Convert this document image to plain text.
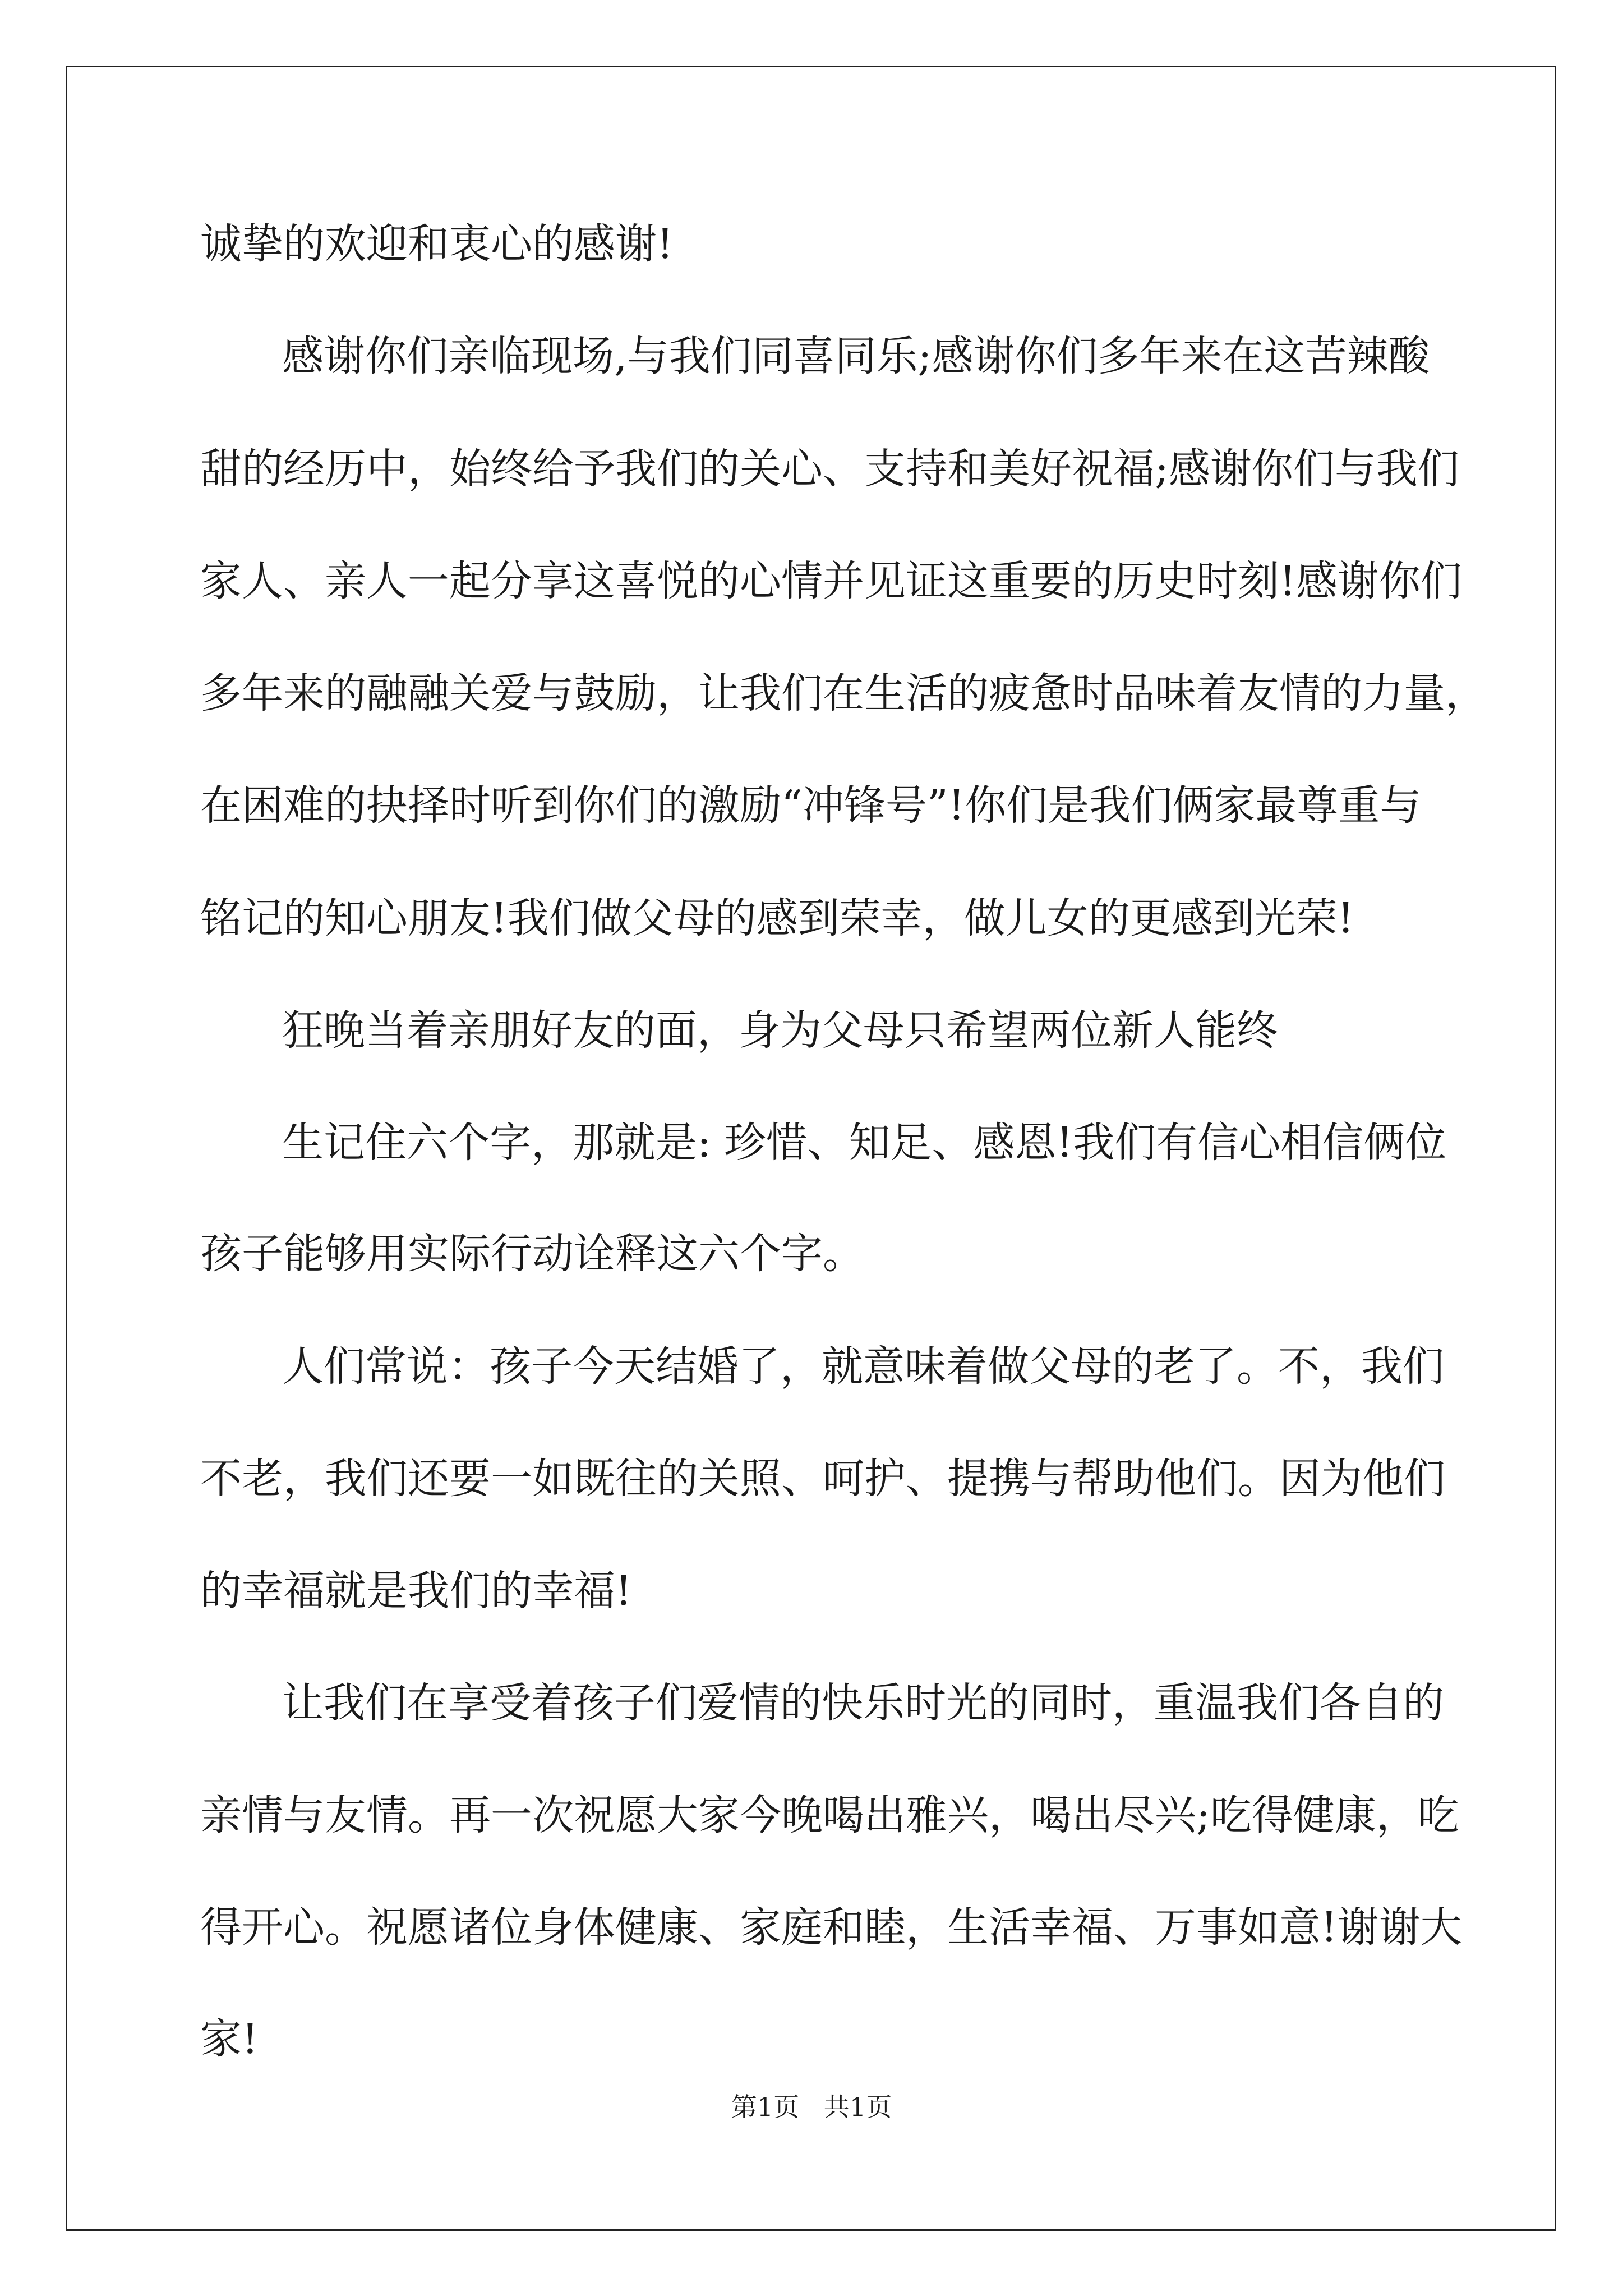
诚挚的欢迎和衷心的感谢!

感谢你们亲临现场,与我们同喜同乐;感谢你们多年来在这苦辣酸

甜的经历中，始终给予我们的关心、支持和美好祝福;感谢你们与我们

家人、亲人一起分享这喜悦的心情并见证这重要的历史时刻!感谢你们

多年来的融融关爱与鼓励，让我们在生活的疲惫时品味着友情的力量，

在困难的抉择时听到你们的激励“冲锋号”!你们是我们俩家最尊重与

铭记的知心朋友!我们做父母的感到荣幸，做儿女的更感到光荣!

狂晚当着亲朋好友的面，身为父母只希望两位新人能终

生记住六个字，那就是: 珍惜、知足、感恩!我们有信心相信俩位

孩子能够用实际行动诠释这六个字。

人们常说：孩子今天结婚了，就意味着做父母的老了。不，我们

不老，我们还要一如既往的关照、呵护、提携与帮助他们。因为他们

的幸福就是我们的幸福!

让我们在享受着孩子们爱情的快乐时光的同时，重温我们各自的

亲情与友情。再一次祝愿大家今晚喝出雅兴，喝出尽兴;吃得健康，吃

得开心。祝愿诸位身体健康、家庭和睦，生活幸福、万事如意!谢谢大

家!

第1页   共1页
